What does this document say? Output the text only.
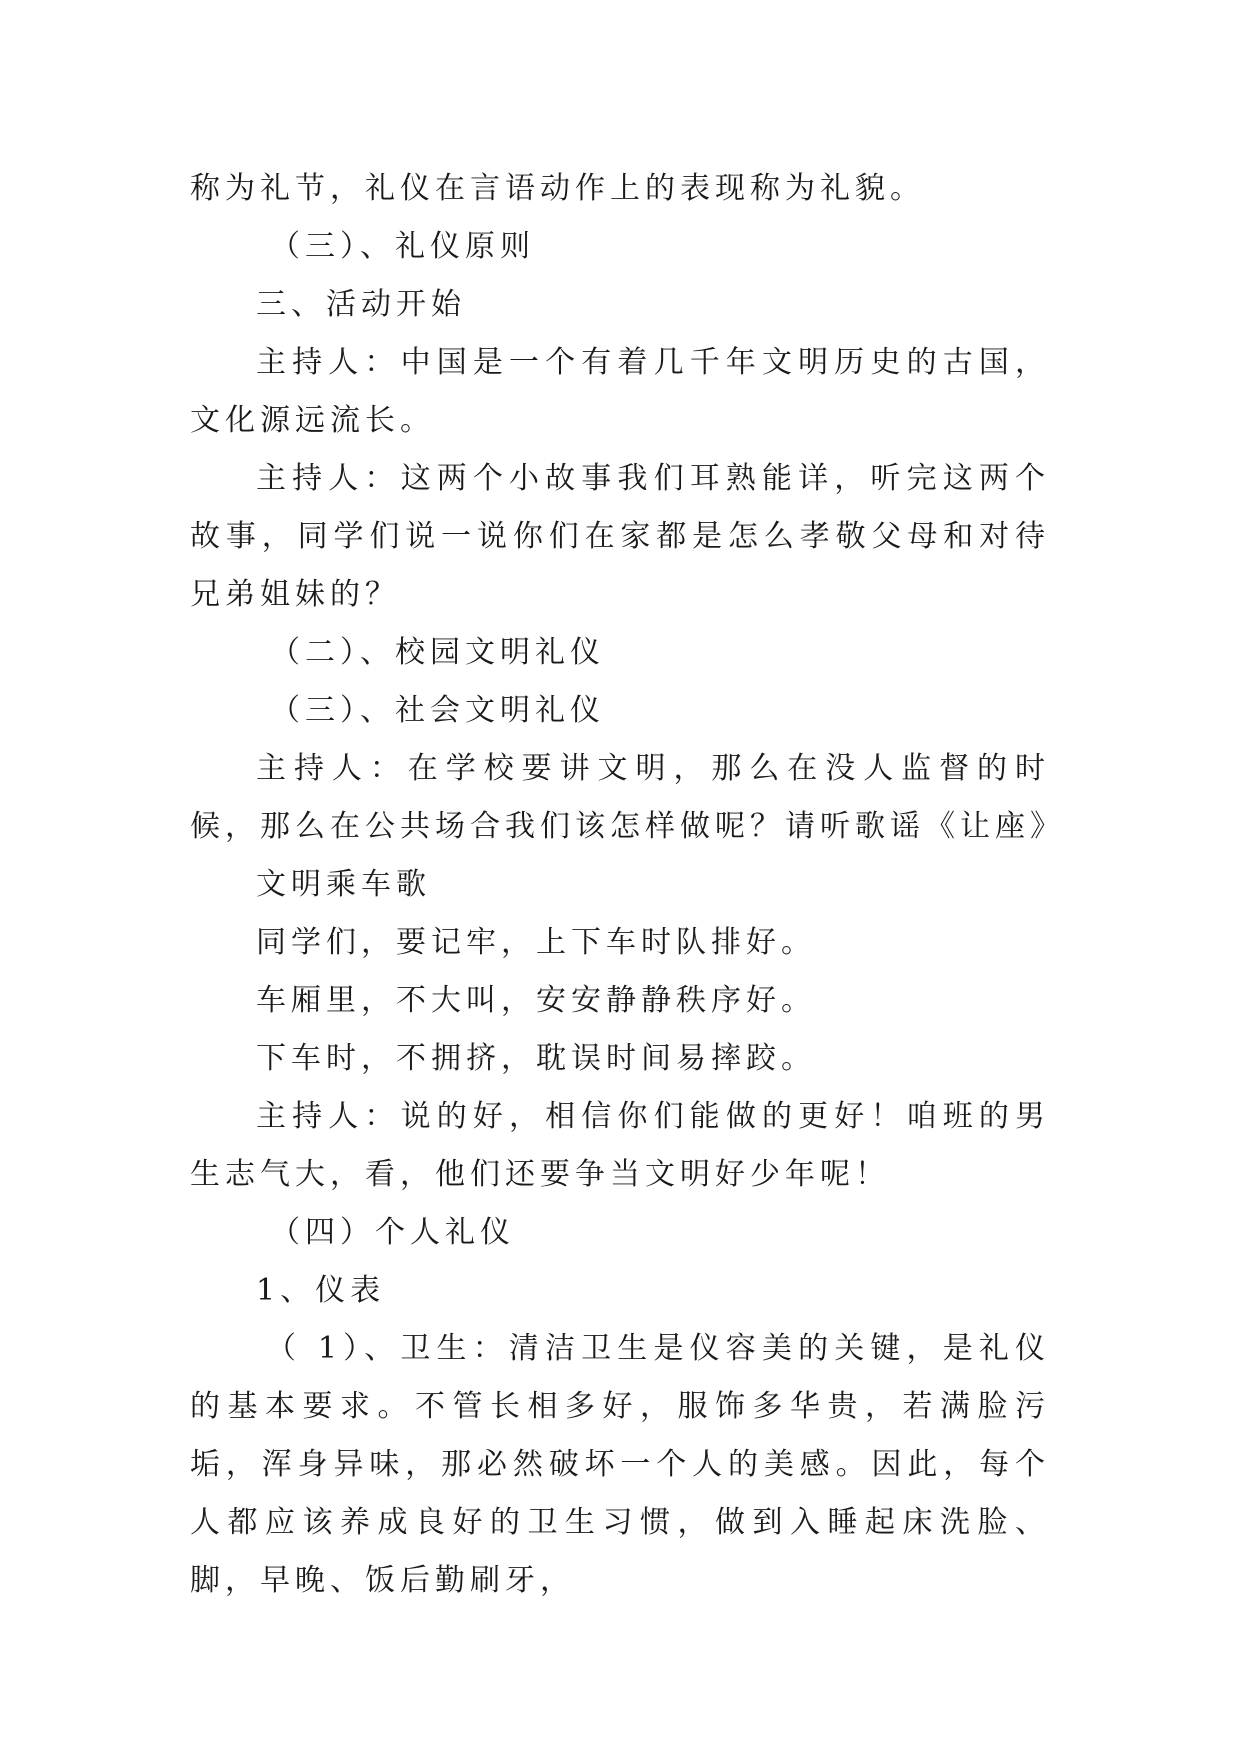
称为礼节，礼仪在言语动作上的表现称为礼貌。

（三）、礼仪原则

三、活动开始

主持人：中国是一个有着几千年文明历史的古国，文化源远流长。

主持人：这两个小故事我们耳熟能详，听完这两个故事，同学们说一说你们在家都是怎么孝敬父母和对待兄弟姐妹的？

（二）、校园文明礼仪

（三）、社会文明礼仪

主持人：在学校要讲文明，那么在没人监督的时候，那么在公共场合我们该怎样做呢？请听歌谣《让座》

文明乘车歌

同学们，要记牢，上下车时队排好。

车厢里，不大叫，安安静静秩序好。

下车时，不拥挤，耽误时间易摔跤。

主持人：说的好，相信你们能做的更好！咱班的男生志气大，看，他们还要争当文明好少年呢！

（四）个人礼仪

1、仪表

（ 1）、卫生：清洁卫生是仪容美的关键，是礼仪的基本要求。不管长相多好，服饰多华贵，若满脸污垢，浑身异味，那必然破坏一个人的美感。因此，每个人都应该养成良好的卫生习惯，做到入睡起床洗脸、脚，早晚、饭后勤刷牙，
